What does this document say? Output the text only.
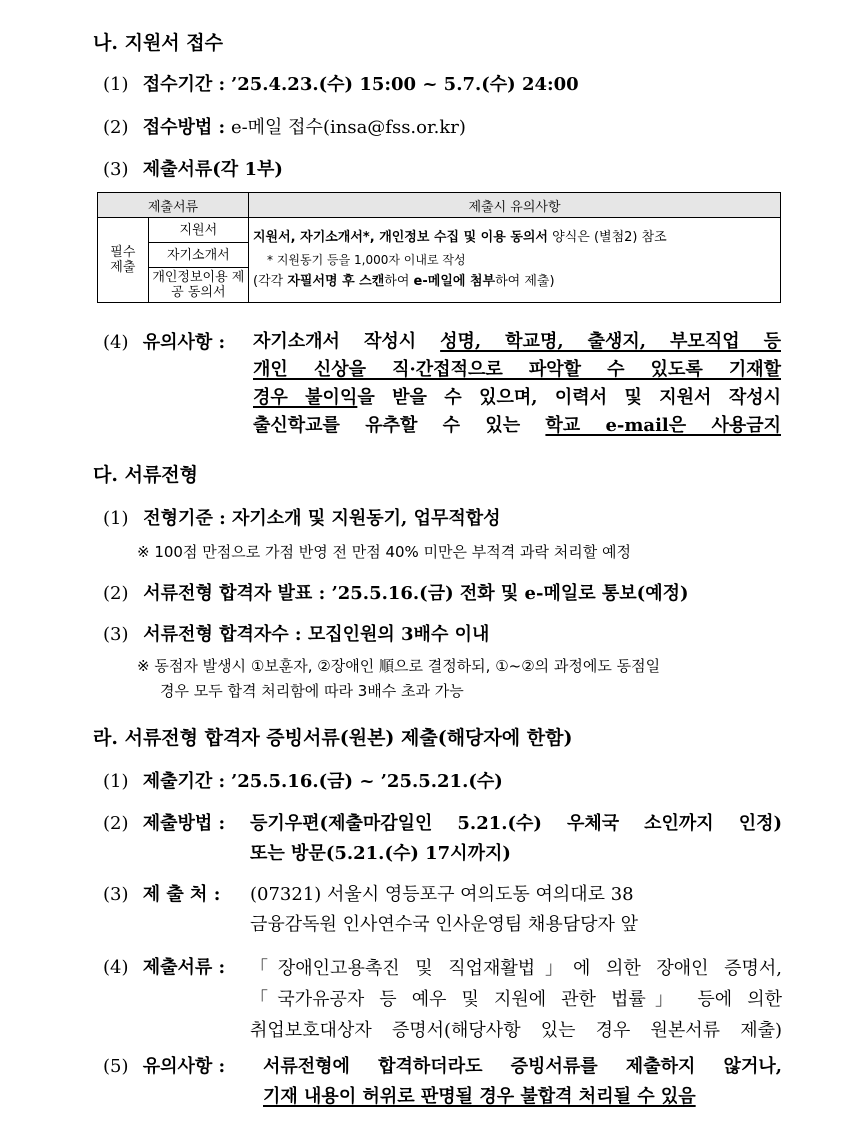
나. 지원서 접수
(1) 접수기간 : ’25.4.23.(수) 15:00 ~ 5.7.(수) 24:00
(2) 접수방법 : e-메일 접수(insa@fss.or.kr)
(3) 제출서류(각 1부)
제출서류		제출시 유의사항
필수 제출	지원서	지원서, 자기소개서*, 개인정보 수집 및 이용 동의서 양식은 (별첨2) 참조
* 지원동기 등을 1,000자 이내로 작성
(각각 자필서명 후 스캔하여 e-메일에 첨부하여 제출)

	자기소개서	
	개인정보이용 제공 동의서	
(4) 유의사항 : 자기소개서 작성시 성명, 학교명, 출생지, 부모직업 등
개인 신상을 직·간접적으로 파악할 수 있도록 기재할
경우 불이익을 받을 수 있으며, 이력서 및 지원서 작성시
출신학교를 유추할 수 있는 학교 e-mail은 사용금지
다. 서류전형
(1) 전형기준 : 자기소개 및 지원동기, 업무적합성
※ 100점 만점으로 가점 반영 전 만점 40% 미만은 부적격 과락 처리할 예정
(2) 서류전형 합격자 발표 : ’25.5.16.(금) 전화 및 e-메일로 통보(예정)
(3) 서류전형 합격자수 : 모집인원의 3배수 이내
※ 동점자 발생시 ①보훈자, ②장애인 順으로 결정하되, ①~②의 과정에도 동점일
경우 모두 합격 처리함에 따라 3배수 초과 가능
라. 서류전형 합격자 증빙서류(원본) 제출(해당자에 한함)
(1) 제출기간 : ’25.5.16.(금) ~ ’25.5.21.(수)
(2) 제출방법 : 등기우편(제출마감일인 5.21.(수) 우체국 소인까지 인정)
또는 방문(5.21.(수) 17시까지)
(3) 제 출 처 : (07321) 서울시 영등포구 여의도동 여의대로 38
금융감독원 인사연수국 인사운영팀 채용담당자 앞
(4) 제출서류 : 「장애인고용촉진 및 직업재활법」에 의한 장애인 증명서,
「국가유공자 등 예우 및 지원에 관한 법률」 등에 의한
취업보호대상자 증명서(해당사항 있는 경우 원본서류 제출)
(5) 유의사항 : 서류전형에 합격하더라도 증빙서류를 제출하지 않거나,
기재 내용이 허위로 판명될 경우 불합격 처리될 수 있음
